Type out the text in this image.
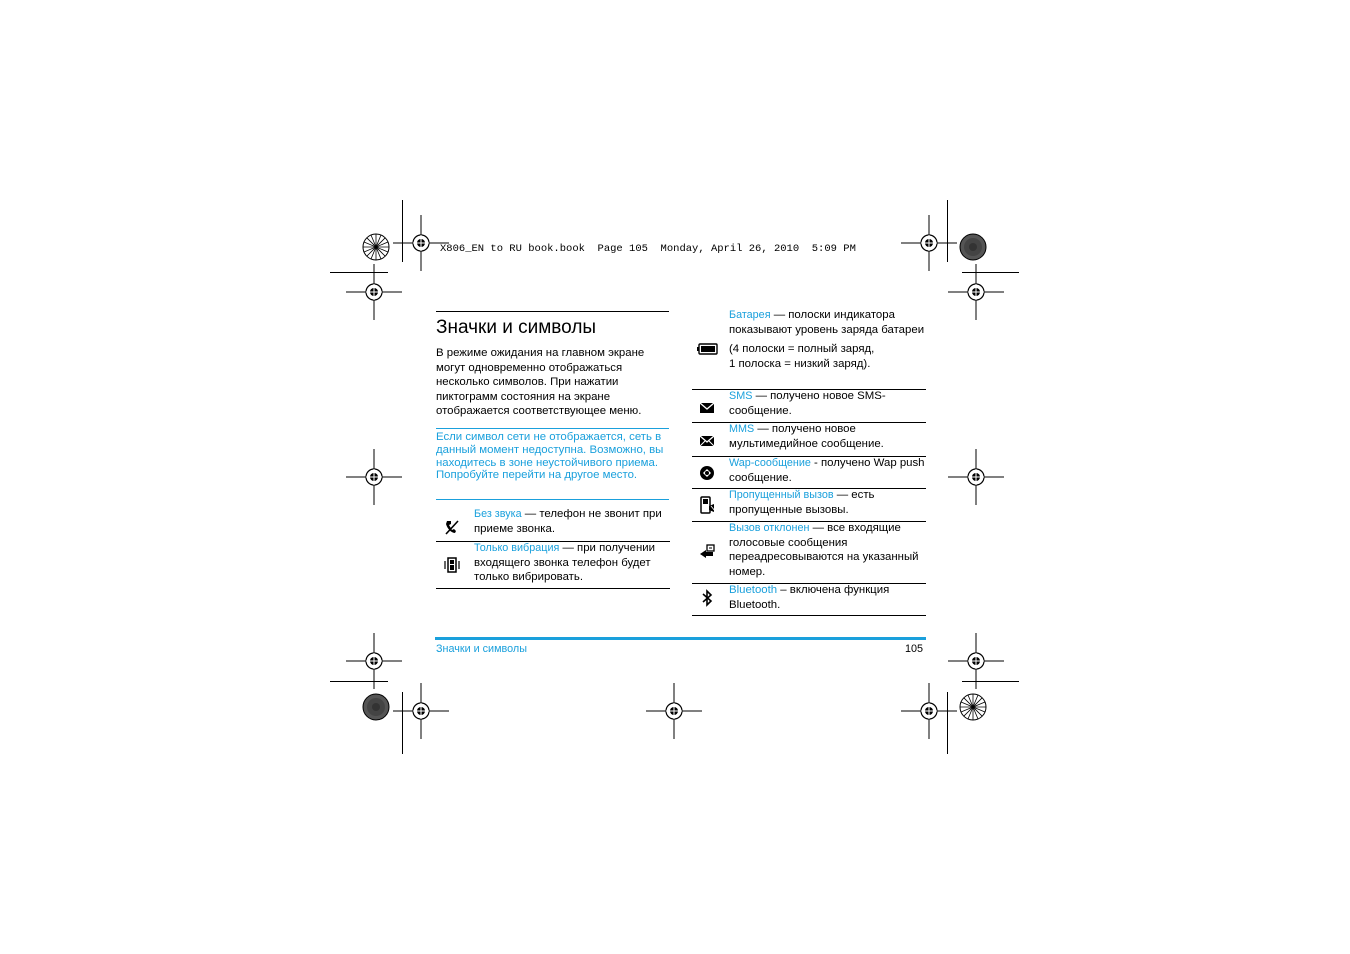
X806_EN to RU book.book  Page 105  Monday, April 26, 2010  5:09 PM
Значки и символы
В режиме ожидания на главном экране могут одновременно отображаться несколько символов. При нажатии пиктограмм состояния на экране отображается соответствующее меню.
Если символ сети не отображается, сеть в данный момент недоступна. Возможно, вы находитесь в зоне неустойчивого приема. Попробуйте перейти на другое место.
Без звука — телефон не звонит при приеме звонка.
Только вибрация — при получении входящего звонка телефон будет только вибрировать.
Батарея — полоски индикатора показывают уровень заряда батареи
(4 полоски = полный заряд,
1 полоска = низкий заряд).
SMS — получено новое SMS-сообщение.
MMS — получено новое мультимедийное сообщение.
Wap-сообщение - получено Wap push сообщение.
Пропущенный вызов — есть пропущенные вызовы.
Вызов отклонен — все входящие голосовые сообщения переадресовываются на указанный номер.
Bluetooth – включена функция Bluetooth.
Значки и символы	105
